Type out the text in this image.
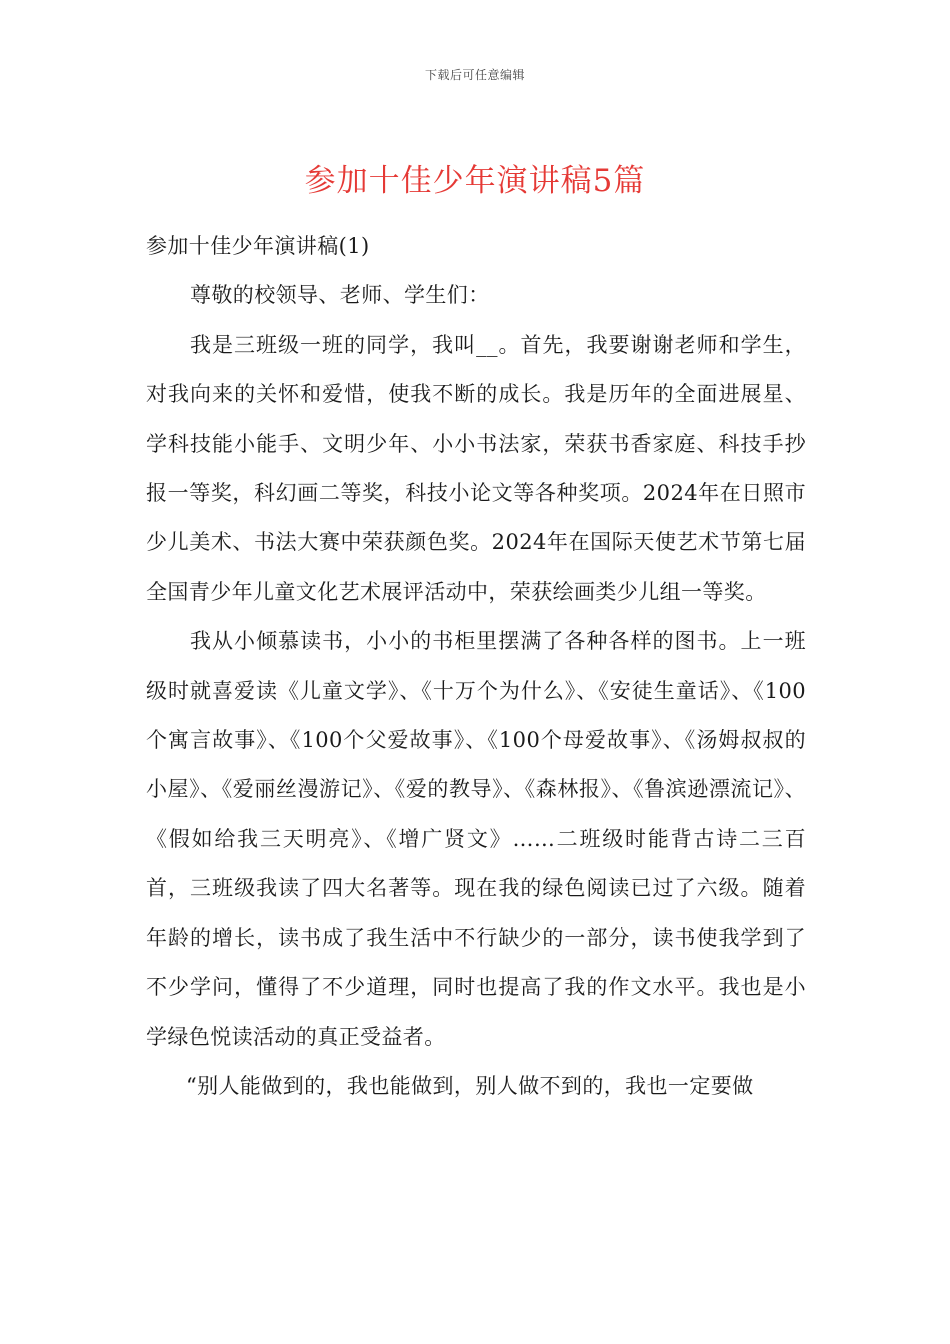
下载后可任意编辑
参加十佳少年演讲稿5篇

参加十佳少年演讲稿(1)

尊敬的校领导、老师、学生们：

我是三班级一班的同学，我叫__。首先，我要谢谢老师和学生，对我向来的关怀和爱惜，使我不断的成长。我是历年的全面进展星、学科技能小能手、文明少年、小小书法家，荣获书香家庭、科技手抄报一等奖，科幻画二等奖，科技小论文等各种奖项。2024年在日照市少儿美术、书法大赛中荣获颜色奖。2024年在国际天使艺术节第七届全国青少年儿童文化艺术展评活动中，荣获绘画类少儿组一等奖。

我从小倾慕读书，小小的书柜里摆满了各种各样的图书。上一班级时就喜爱读《儿童文学》、《十万个为什么》、《安徒生童话》、《100个寓言故事》、《100个父爱故事》、《100个母爱故事》、《汤姆叔叔的小屋》、《爱丽丝漫游记》、《爱的教导》、《森林报》、《鲁滨逊漂流记》、《假如给我三天明亮》、《增广贤文》……二班级时能背古诗二三百首，三班级我读了四大名著等。现在我的绿色阅读已过了六级。随着年龄的增长，读书成了我生活中不行缺少的一部分，读书使我学到了不少学问，懂得了不少道理，同时也提高了我的作文水平。我也是小学绿色悦读活动的真正受益者。

“别人能做到的，我也能做到，别人做不到的，我也一定要做
